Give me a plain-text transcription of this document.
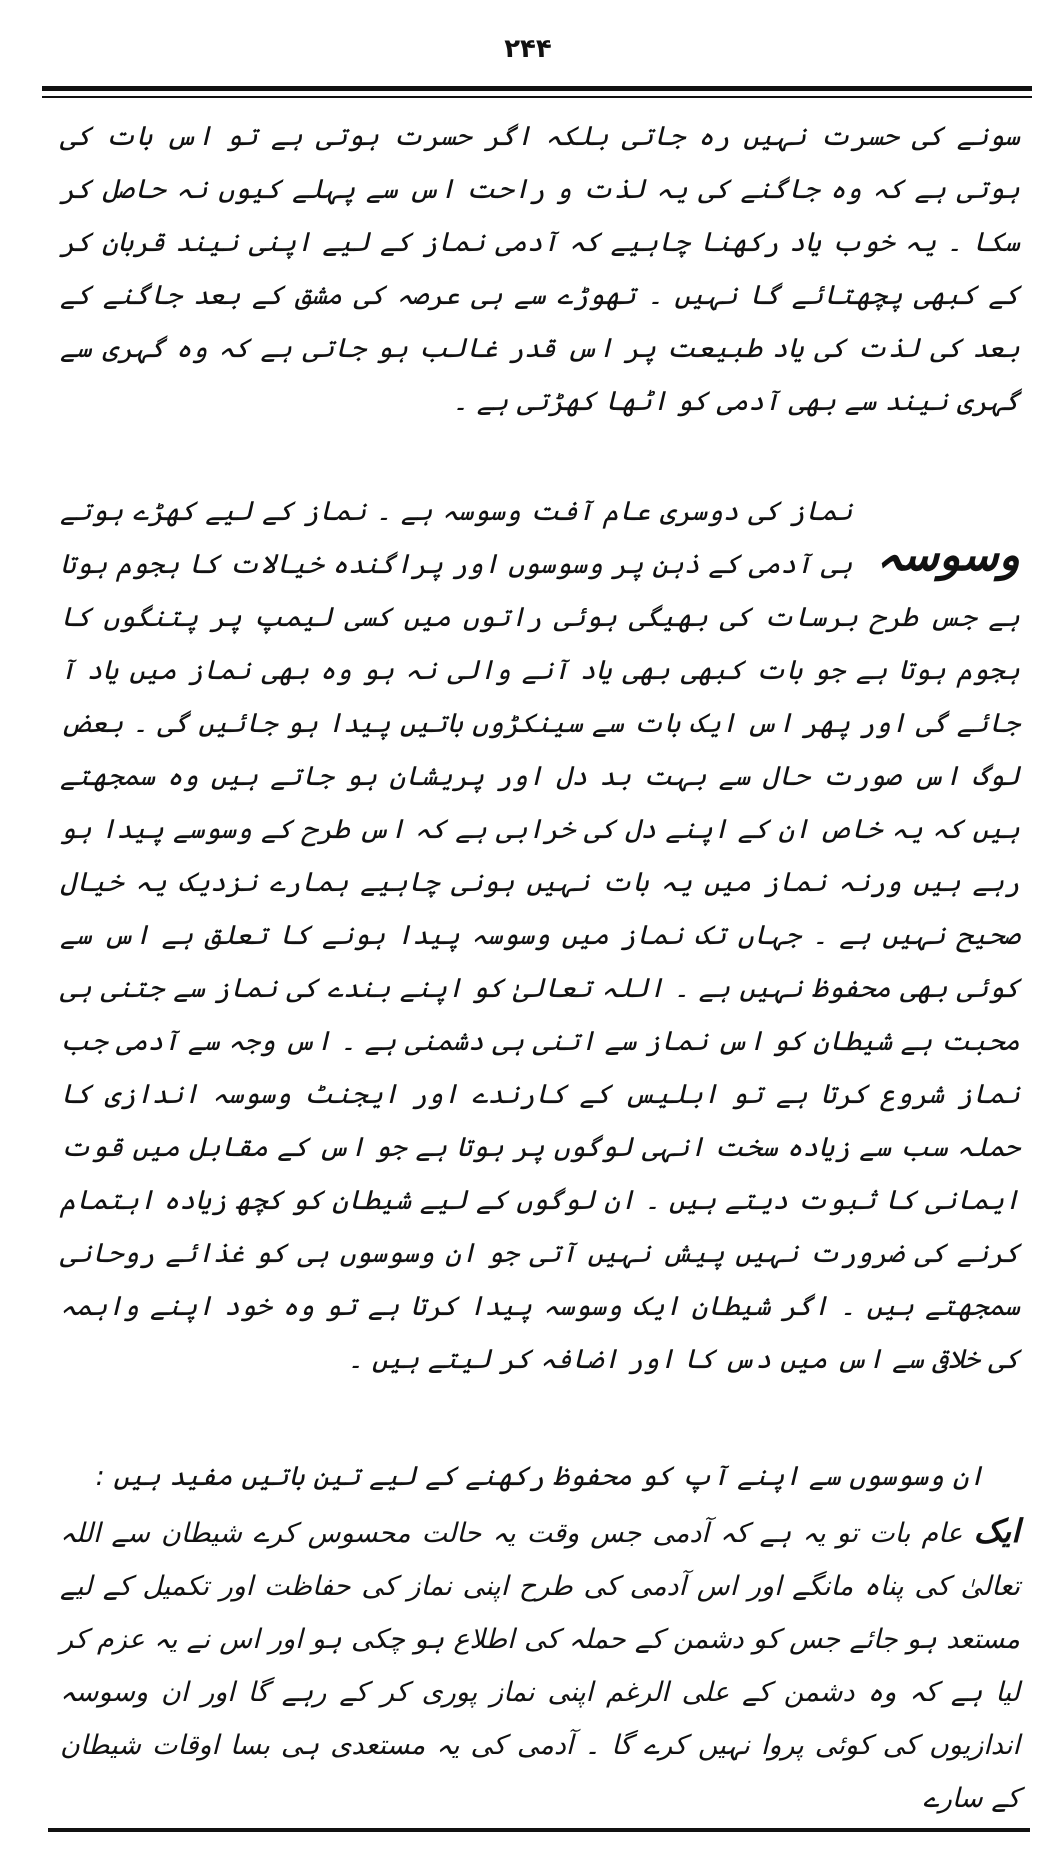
۲۴۴
سونے کی حسرت نہیں رہ جاتی بلکہ اگر حسرت ہوتی ہے تو اس بات کی ہوتی ہے کہ وہ جاگنے کی یہ لذت و راحت اس سے پہلے کیوں نہ حاصل کر سکا ۔ یہ خوب یاد رکھنا چاہیے کہ آدمی نماز کے لیے اپنی نیند قربان کر کے کبھی پچھتائے گا نہیں ۔ تھوڑے سے ہی عرصہ کی مشق کے بعد جاگنے کے بعد کی لذت کی یاد طبیعت پر اس قدر غالب ہو جاتی ہے کہ وہ گہری سے گہری نیند سے بھی آدمی کو اٹھا کھڑتی ہے ۔
وسوسہ
نماز کی دوسری عام آفت وسوسہ ہے ۔ نماز کے لیے کھڑے ہوتے ہی آدمی کے ذہن پر وسوسوں اور پراگندہ خیالات کا ہجوم ہوتا ہے جس طرح برسات کی بھیگی ہوئی راتوں میں کسی لیمپ پر پتنگوں کا ہجوم ہوتا ہے جو بات کبھی بھی یاد آنے والی نہ ہو وہ بھی نماز میں یاد آ جائے گی اور پھر اس ایک بات سے سینکڑوں باتیں پیدا ہو جائیں گی ۔ بعض لوگ اس صورت حال سے بہت بد دل اور پریشان ہو جاتے ہیں وہ سمجھتے ہیں کہ یہ خاص ان کے اپنے دل کی خرابی ہے کہ اس طرح کے وسوسے پیدا ہو رہے ہیں ورنہ نماز میں یہ بات نہیں ہونی چاہیے ہمارے نزدیک یہ خیال صحیح نہیں ہے ۔ جہاں تک نماز میں وسوسہ پیدا ہونے کا تعلق ہے اس سے کوئی بھی محفوظ نہیں ہے ۔ اللہ تعالیٰ کو اپنے بندے کی نماز سے جتنی ہی محبت ہے شیطان کو اس نماز سے اتنی ہی دشمنی ہے ۔ اس وجہ سے آدمی جب نماز شروع کرتا ہے تو ابلیس کے کارندے اور ایجنٹ وسوسہ اندازی کا حملہ سب سے زیادہ سخت انہی لوگوں پر ہوتا ہے جو اس کے مقابل میں قوت ایمانی کا ثبوت دیتے ہیں ۔ ان لوگوں کے لیے شیطان کو کچھ زیادہ اہتمام کرنے کی ضرورت نہیں پیش نہیں آتی جو ان وسوسوں ہی کو غذائے روحانی سمجھتے ہیں ۔ اگر شیطان ایک وسوسہ پیدا کرتا ہے تو وہ خود اپنے واہمہ کی خلاقی سے اس میں دس کا اور اضافہ کر لیتے ہیں ۔
ان وسوسوں سے اپنے آپ کو محفوظ رکھنے کے لیے تین باتیں مفید ہیں :
ایک عام بات تو یہ ہے کہ آدمی جس وقت یہ حالت محسوس کرے شیطان سے اللہ تعالیٰ کی پناہ مانگے اور اس آدمی کی طرح اپنی نماز کی حفاظت اور تکمیل کے لیے مستعد ہو جائے جس کو دشمن کے حملہ کی اطلاع ہو چکی ہو اور اس نے یہ عزم کر لیا ہے کہ وہ دشمن کے علی الرغم اپنی نماز پوری کر کے رہے گا اور ان وسوسہ اندازیوں کی کوئی پروا نہیں کرے گا ۔ آدمی کی یہ مستعدی ہی بسا اوقات شیطان کے سارے
